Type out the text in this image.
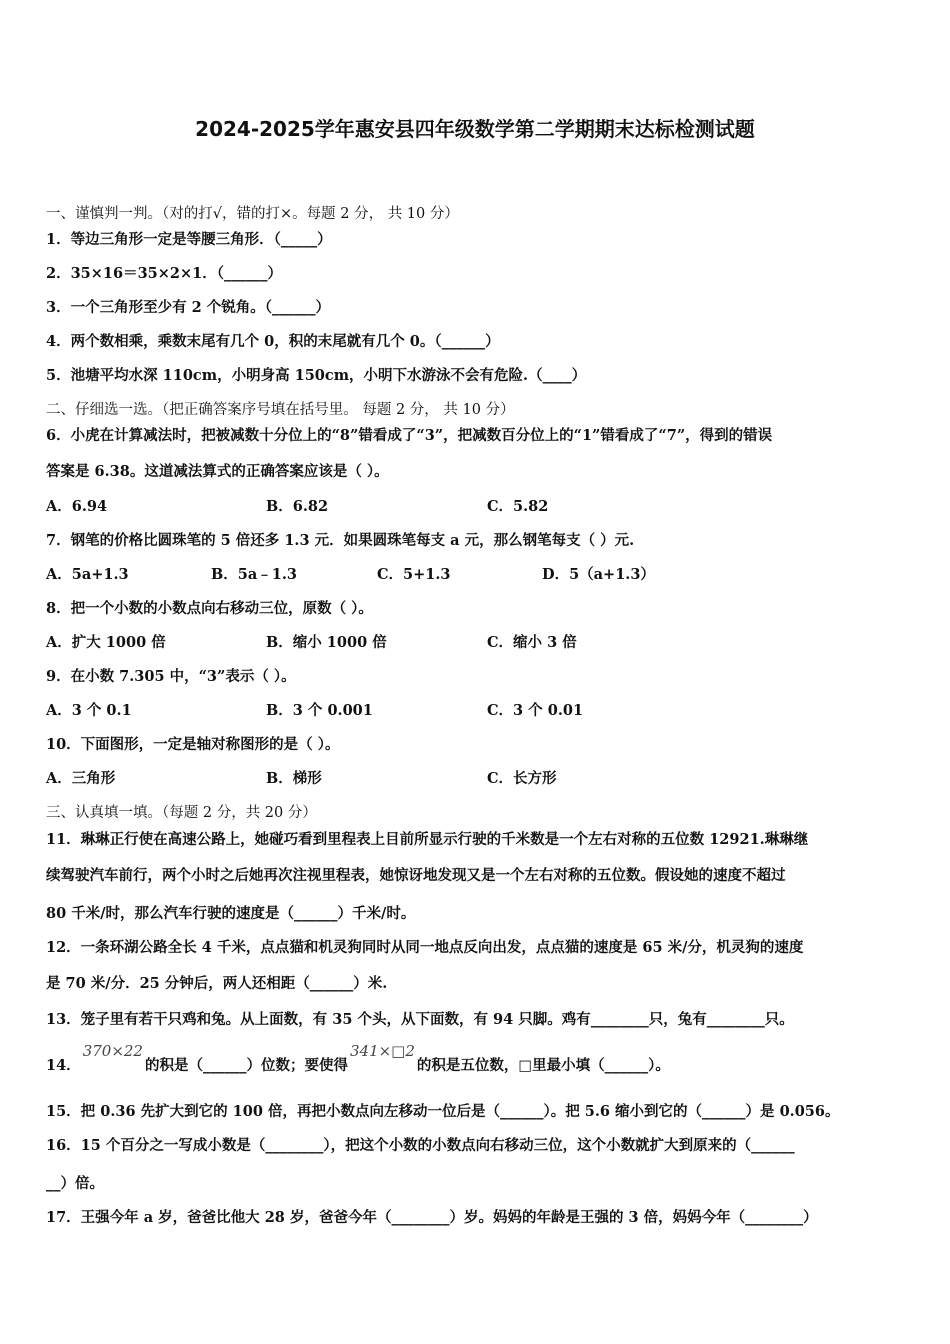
2024-2025学年惠安县四年级数学第二学期期末达标检测试题
一、谨慎判一判。（对的打√，错的打×。每题 2 分， 共 10 分）
1．等边三角形一定是等腰三角形．（_____）
2．35×16＝35×2×1．（______）
3．一个三角形至少有 2 个锐角。（______）
4．两个数相乘，乘数末尾有几个 0，积的末尾就有几个 0。（______）
5．池塘平均水深 110cm，小明身高 150cm，小明下水游泳不会有危险.（____）
二、仔细选一选。（把正确答案序号填在括号里。 每题 2 分， 共 10 分）
6．小虎在计算减法时，把被减数十分位上的“8”错看成了“3”，把减数百分位上的“1”错看成了“7”，得到的错误
答案是 6.38。这道减法算式的正确答案应该是（ ）。
A．6.94	B．6.82	C．5.82
7．钢笔的价格比圆珠笔的 5 倍还多 1.3 元．如果圆珠笔每支 a 元，那么钢笔每支（ ）元.
A．5a+1.3	B．5a﹣1.3	C．5+1.3	D．5（a+1.3）
8．把一个小数的小数点向右移动三位，原数（ ）。
A．扩大 1000 倍	B．缩小 1000 倍	C．缩小 3 倍
9．在小数 7.305 中，“3”表示（ ）。
A．3 个 0.1	B．3 个 0.001	C．3 个 0.01
10．下面图形，一定是轴对称图形的是（ ）。
A．三角形	B．梯形	C．长方形
三、认真填一填。（每题 2 分，共 20 分）
11．琳琳正行使在高速公路上，她碰巧看到里程表上目前所显示行驶的千米数是一个左右对称的五位数 12921.琳琳继
续驾驶汽车前行，两个小时之后她再次注视里程表，她惊讶地发现又是一个左右对称的五位数。假设她的速度不超过
80 千米/时，那么汽车行驶的速度是（______）千米/时。
12．一条环湖公路全长 4 千米，点点猫和机灵狗同时从同一地点反向出发，点点猫的速度是 65 米/分，机灵狗的速度
是 70 米/分．25 分钟后，两人还相距（______）米.
13．笼子里有若干只鸡和兔。从上面数，有 35 个头，从下面数，有 94 只脚。鸡有________只，兔有________只。
14．370×22的积是（______）位数；要使得341×□2的积是五位数，□里最小填（______）。
15．把 0.36 先扩大到它的 100 倍，再把小数点向左移动一位后是（______）。把 5.6 缩小到它的（______）是 0.056。
16．15 个百分之一写成小数是（________），把这个小数的小数点向右移动三位，这个小数就扩大到原来的（______
__）倍。
17．王强今年 a 岁，爸爸比他大 28 岁，爸爸今年（________）岁。妈妈的年龄是王强的 3 倍，妈妈今年（________）
